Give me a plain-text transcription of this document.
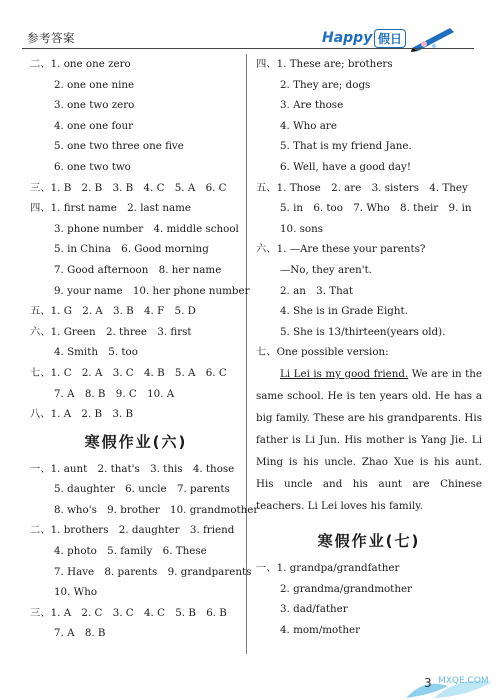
参考答案	Happy 假日
二、1. one one zero
2. one one nine
3. one two zero
4. one one four
5. one two three one five
6. one two two
三、1. B　2. B　3. B　4. C　5. A　6. C
四、1. first name　2. last name
3. phone number　4. middle school
5. in China　6. Good morning
7. Good afternoon　8. her name
9. your name　10. her phone number
五、1. G　2. A　3. B　4. F　5. D
六、1. Green　2. three　3. first
4. Smith　5. too
七、1. C　2. A　3. C　4. B　5. A　6. C
7. A　8. B　9. C　10. A
八、1. A　2. B　3. B
寒假作业(六)
一、1. aunt　2. that's　3. this　4. those
5. daughter　6. uncle　7. parents
8. who's　9. brother　10. grandmother
二、1. brothers　2. daughter　3. friend
4. photo　5. family　6. These
7. Have　8. parents　9. grandparents
10. Who
三、1. A　2. C　3. C　4. C　5. B　6. B
7. A　8. B
四、1. These are; brothers
2. They are; dogs
3. Are those
4. Who are
5. That is my friend Jane.
6. Well, have a good day!
五、1. Those　2. are　3. sisters　4. They
5. in　6. too　7. Who　8. their　9. in
10. sons
六、1. —Are these your parents?
—No, they aren't.
2. an　3. That
4. She is in Grade Eight.
5. She is 13/thirteen(years old).
七、One possible version:

Li Lei is my good friend. We are in the same school. He is ten years old. He has a big family. These are his grandparents. His father is Li Jun. His mother is Yang Jie. Li Ming is his uncle. Zhao Xue is his aunt. His uncle and his aunt are Chinese teachers. Li Lei loves his family.

寒假作业(七)
一、1. grandpa/grandfather
2. grandma/grandmother
3. dad/father
4. mom/mother
3 MXQE.COM
